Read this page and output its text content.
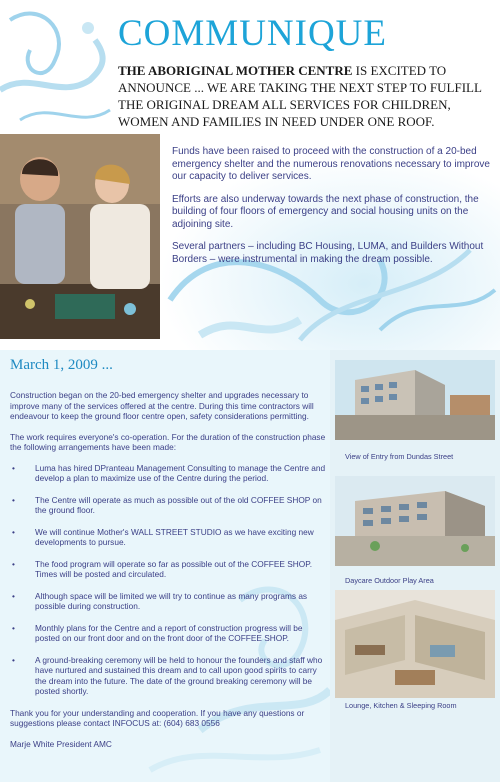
COMMUNIQUE
THE ABORIGINAL MOTHER CENTRE IS EXCITED TO ANNOUNCE ... WE ARE TAKING THE NEXT STEP TO FULFILL THE ORIGINAL DREAM ALL SERVICES FOR CHILDREN, WOMEN AND FAMILIES IN NEED UNDER ONE ROOF.

Funds have been raised to proceed with the construction of a 20-bed emergency shelter and the numerous renovations necessary to improve our capacity to deliver services.

Efforts are also underway towards the next phase of construction, the building of four floors of emergency and social housing units on the adjoining site.

Several partners – including BC Housing, LUMA, and Builders Without Borders – were instrumental in making the dream possible.

March 1, 2009 ...

Construction began on the 20-bed emergency shelter and upgrades necessary to improve many of the services offered at the centre. During this time contractors will endeavour to keep the ground floor centre open, safety considerations permitting.

The work requires everyone's co-operation. For the duration of the construction phase the following arrangements have been made:

• Luma has hired DPranteau Management Consulting to manage the Centre and develop a plan to maximize use of the Centre during the period.
• The Centre will operate as much as possible out of the old COFFEE SHOP on the ground floor.
• We will continue Mother's WALL STREET STUDIO as we have exciting new developments to pursue.
• The food program will operate so far as possible out of the COFFEE SHOP. Times will be posted and circulated.
• Although space will be limited we will try to continue as many programs as possible during construction.
• Monthly plans for the Centre and a report of construction progress will be posted on our front door and on the front door of the COFFEE SHOP.
• A ground-breaking ceremony will be held to honour the founders and staff who have nurtured and sustained this dream and to call upon good spirits to carry the dream into the future. The date of the ground breaking ceremony will be posted shortly.

Thank you for your understanding and cooperation. If you have any questions or suggestions please contact INFOCUS at: (604) 683 0556

Marje White President AMC

View of Entry from Dundas Street
Daycare Outdoor Play Area
Lounge, Kitchen & Sleeping Room
